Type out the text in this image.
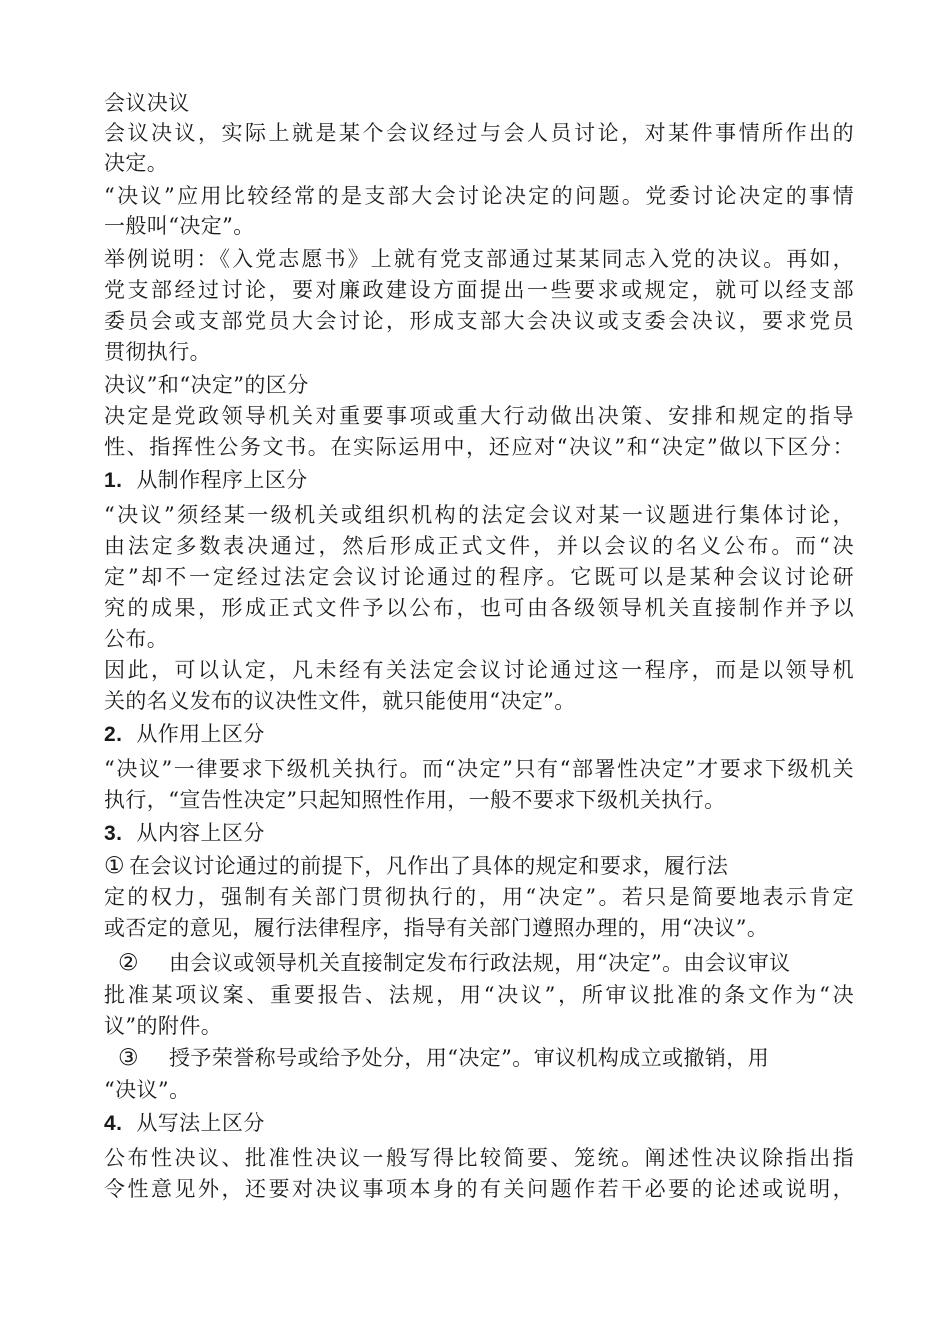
会议决议

会议决议，实际上就是某个会议经过与会人员讨论，对某件事情所作出的

决定。

“决议”应用比较经常的是支部大会讨论决定的问题。党委讨论决定的事情

一般叫“决定”。

举例说明：《入党志愿书》上就有党支部通过某某同志入党的决议。再如，

党支部经过讨论，要对廉政建设方面提出一些要求或规定，就可以经支部

委员会或支部党员大会讨论，形成支部大会决议或支委会决议，要求党员

贯彻执行。

决议”和“决定”的区分

决定是党政领导机关对重要事项或重大行动做出决策、安排和规定的指导

性、指挥性公务文书。在实际运用中，还应对“决议”和“决定”做以下区分：

1. 从制作程序上区分

“决议”须经某一级机关或组织机构的法定会议对某一议题进行集体讨论，

由法定多数表决通过，然后形成正式文件，并以会议的名义公布。而“决

定”却不一定经过法定会议讨论通过的程序。它既可以是某种会议讨论研

究的成果，形成正式文件予以公布，也可由各级领导机关直接制作并予以

公布。

因此，可以认定，凡未经有关法定会议讨论通过这一程序，而是以领导机

关的名义发布的议决性文件，就只能使用“决定”。

2. 从作用上区分

“决议”一律要求下级机关执行。而“决定”只有“部署性决定”才要求下级机关

执行，“宣告性决定”只起知照性作用，一般不要求下级机关执行。

3. 从内容上区分

① 在会议讨论通过的前提下，凡作出了具体的规定和要求，履行法

定的权力，强制有关部门贯彻执行的，用“决定”。若只是简要地表示肯定

或否定的意见，履行法律程序，指导有关部门遵照办理的，用“决议”。

② 由会议或领导机关直接制定发布行政法规，用“决定”。由会议审议

批准某项议案、重要报告、法规，用“决议”，所审议批准的条文作为“决

议”的附件。

③ 授予荣誉称号或给予处分，用“决定”。审议机构成立或撤销，用

“决议”。

4. 从写法上区分

公布性决议、批准性决议一般写得比较简要、笼统。阐述性决议除指出指

令性意见外，还要对决议事项本身的有关问题作若干必要的论述或说明，
